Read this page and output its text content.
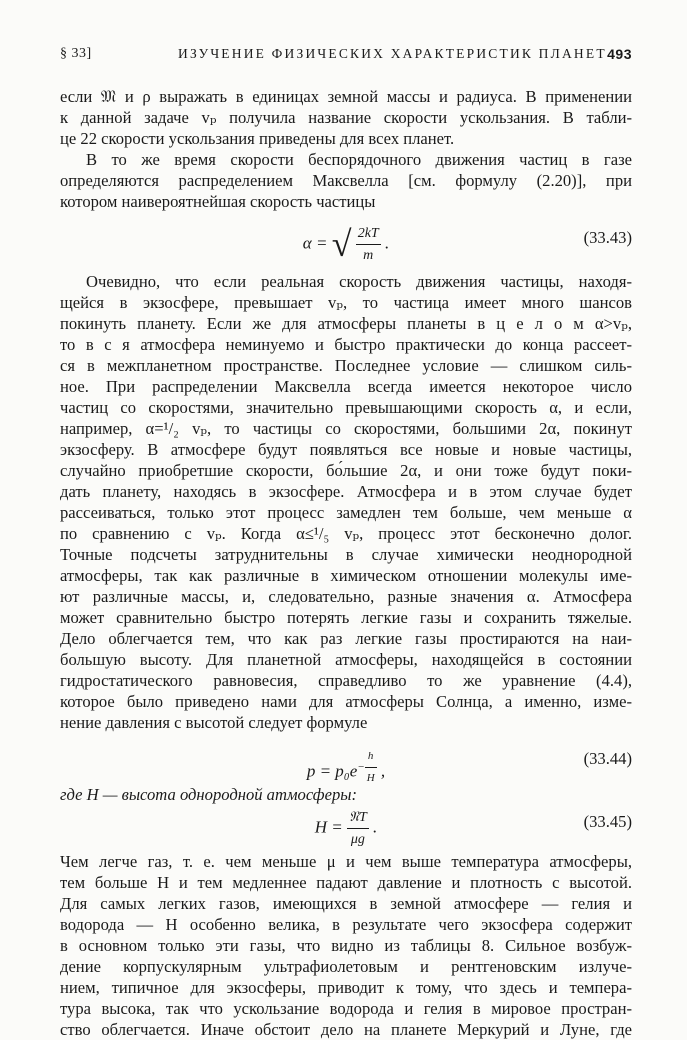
§ 33]	ИЗУЧЕНИЕ ФИЗИЧЕСКИХ ХАРАКТЕРИСТИК ПЛАНЕТ 493

если 𝔐 и ρ выражать в единицах земной массы и радиуса. В применении
к данной задаче vₚ получила название скорости ускользания. В табли-
це 22 скорости ускользания приведены для всех планет.

В то же время скорости беспорядочного движения частиц в газе
определяются распределением Максвелла [см. формулу (2.20)], при
котором наивероятнейшая скорость частицы

α = √ $\frac{2kT}{m}$ .	(33.43)

Очевидно, что если реальная скорость движения частицы, находя-
щейся в экзосфере, превышает vₚ, то частица имеет много шансов
покинуть планету. Если же для атмосферы планеты в ц е л о м α>vₚ,
то в с я атмосфера неминуемо и быстро практически до конца рассеет-
ся в межпланетном пространстве. Последнее условие — слишком силь-
ное. При распределении Максвелла всегда имеется некоторое число
частиц со скоростями, значительно превышающими скорость α, и если,
например, α=¹/₂ vₚ, то частицы со скоростями, большими 2α, покинут
экзосферу. В атмосфере будут появляться все новые и новые частицы,
случайно приобретшие скорости, бо́льшие 2α, и они тоже будут поки-
дать планету, находясь в экзосфере. Атмосфера и в этом случае будет
рассеиваться, только этот процесс замедлен тем больше, чем меньше α
по сравнению с vₚ. Когда α≤¹/₅ vₚ, процесс этот бесконечно долог.
Точные подсчеты затруднительны в случае химически неоднородной
атмосферы, так как различные в химическом отношении молекулы име-
ют различные массы, и, следовательно, разные значения α. Атмосфера
может сравнительно быстро потерять легкие газы и сохранить тяжелые.
Дело облегчается тем, что как раз легкие газы простираются на наи-
большую высоту. Для планетной атмосферы, находящейся в состоянии
гидростатического равновесия, справедливо то же уравнение (4.4),
которое было приведено нами для атмосферы Солнца, а именно, изме-
нение давления с высотой следует формуле

$p = p_0e^{- \frac{h}{H}}$ ,
(33.44)

где H — высота однородной атмосферы:

$H = \frac{\text{𝔑T}}{\mu g}$ .	(33.45)

Чем легче газ, т. е. чем меньше μ и чем выше температура атмосферы,
тем больше H и тем медленнее падают давление и плотность с высотой.
Для самых легких газов, имеющихся в земной атмосфере — гелия и
водорода — H особенно велика, в результате чего экзосфера содержит
в основном только эти газы, что видно из таблицы 8. Сильное возбуж-
дение корпускулярным ультрафиолетовым и рентгеновским излуче-
нием, типичное для экзосферы, приводит к тому, что здесь и темпера-
тура высока, так что ускользание водорода и гелия в мировое простран-
ство облегчается. Иначе обстоит дело на планете Меркурий и Луне, где
